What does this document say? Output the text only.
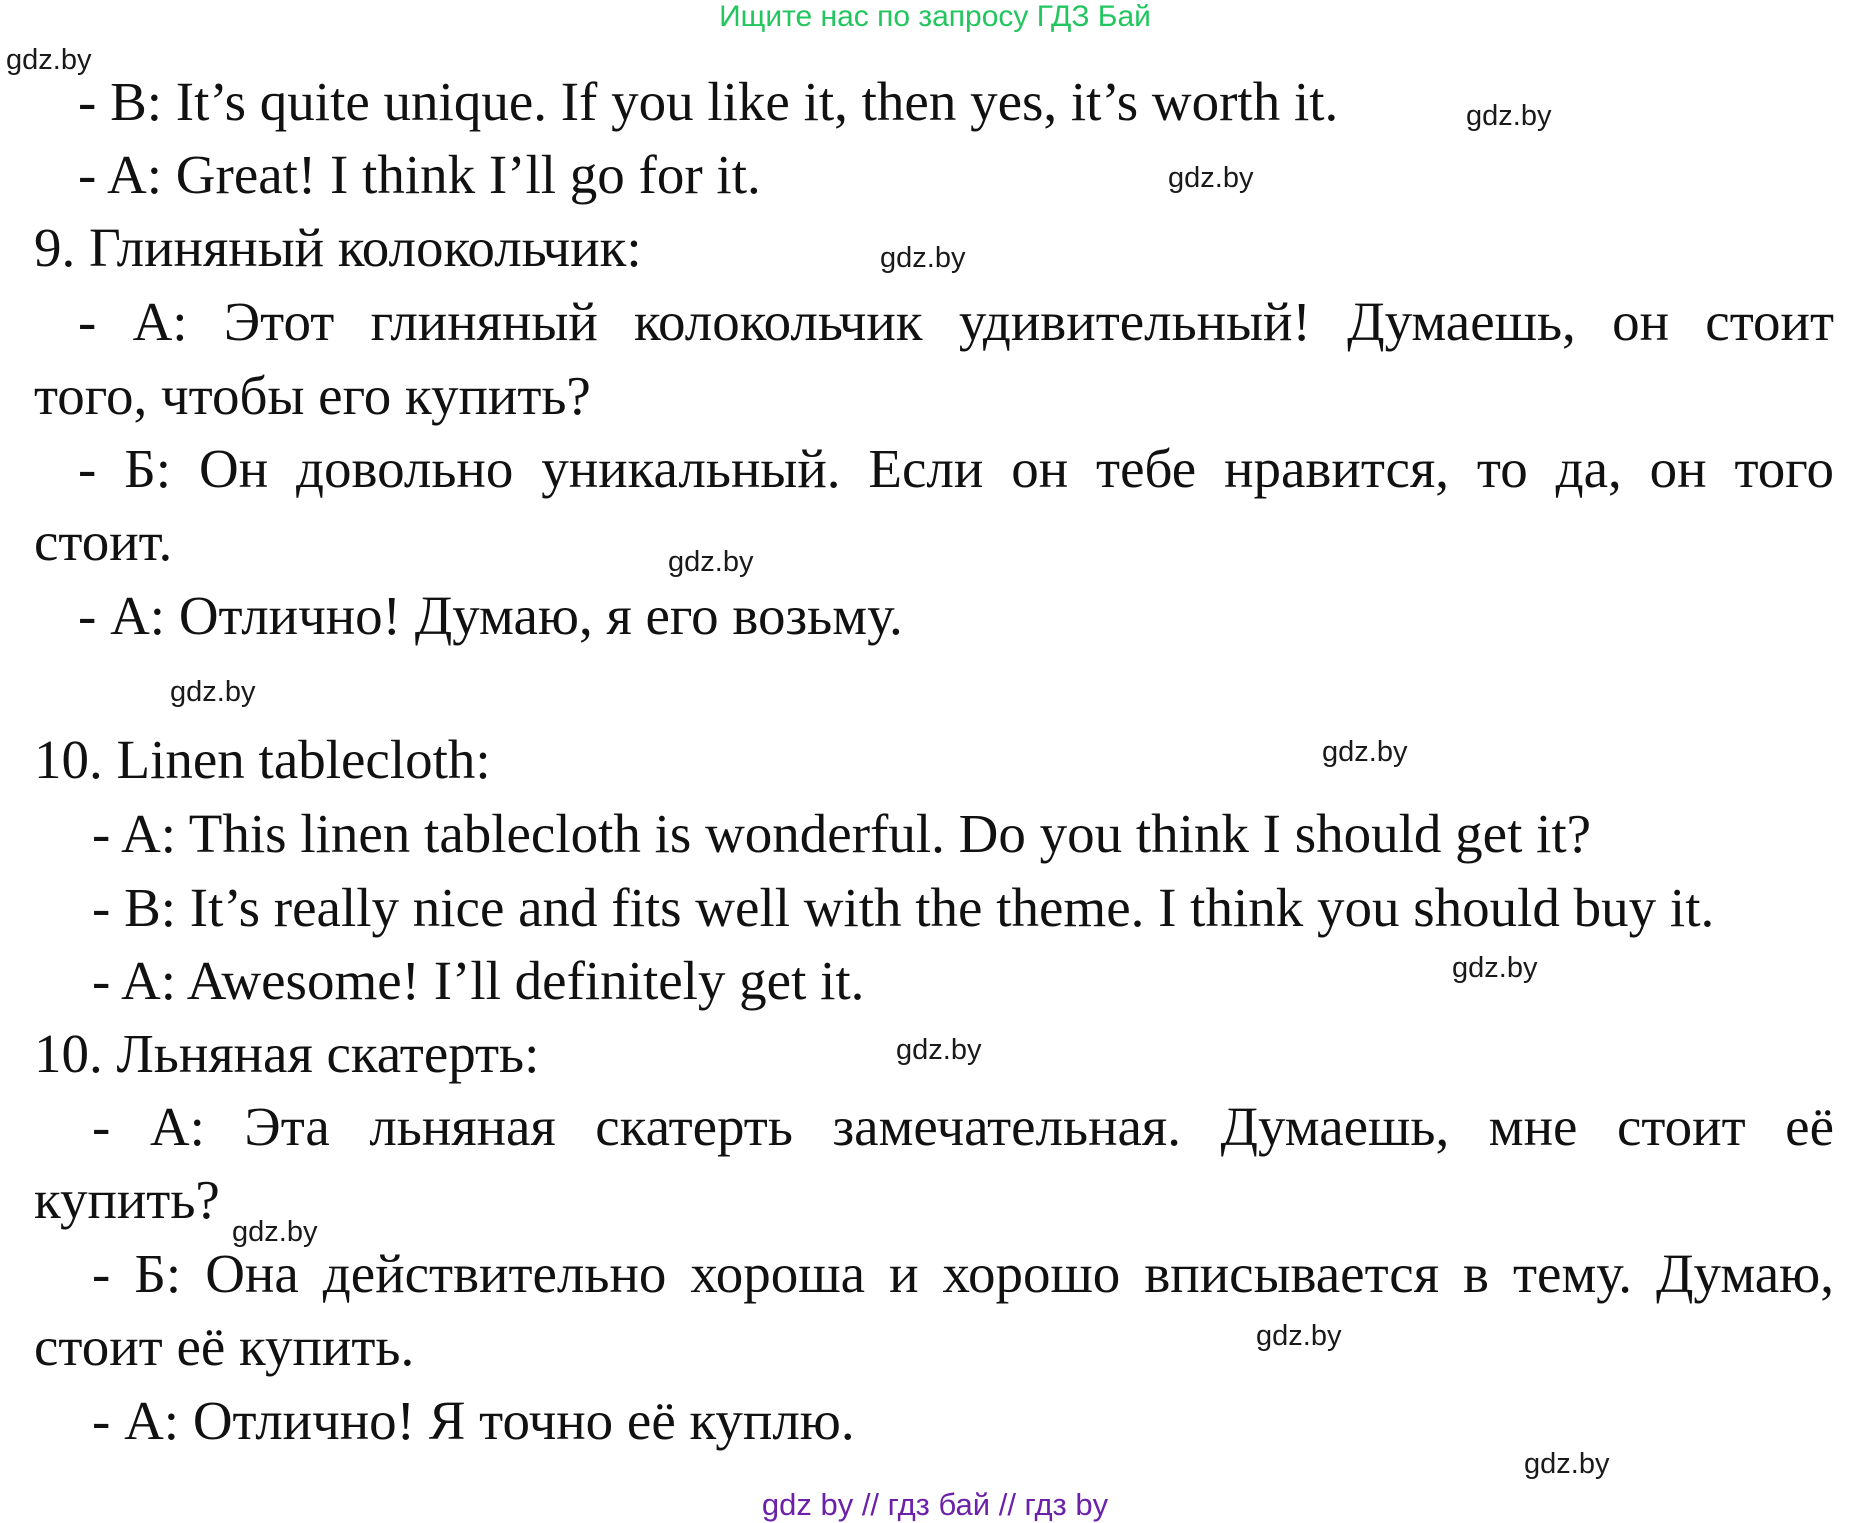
Ищите нас по запросу ГДЗ Бай
- B: It’s quite unique. If you like it, then yes, it’s worth it.
- A: Great! I think I’ll go for it.
9. Глиняный колокольчик:
- А: Этот глиняный колокольчик удивительный! Думаешь, он стоит
того, чтобы его купить?
- Б: Он довольно уникальный. Если он тебе нравится, то да, он того
стоит.
- А: Отлично! Думаю, я его возьму.
10. Linen tablecloth:
- A: This linen tablecloth is wonderful. Do you think I should get it?
- B: It’s really nice and fits well with the theme. I think you should buy it.
- A: Awesome! I’ll definitely get it.
10. Льняная скатерть:
- А: Эта льняная скатерть замечательная. Думаешь, мне стоит её
купить?
- Б: Она действительно хороша и хорошо вписывается в тему. Думаю,
стоит её купить.
- А: Отлично! Я точно её куплю.
gdz.by
gdz.by
gdz.by
gdz.by
gdz.by
gdz.by
gdz.by
gdz.by
gdz.by
gdz.by
gdz.by
gdz.by
gdz by // гдз бай // гдз by
